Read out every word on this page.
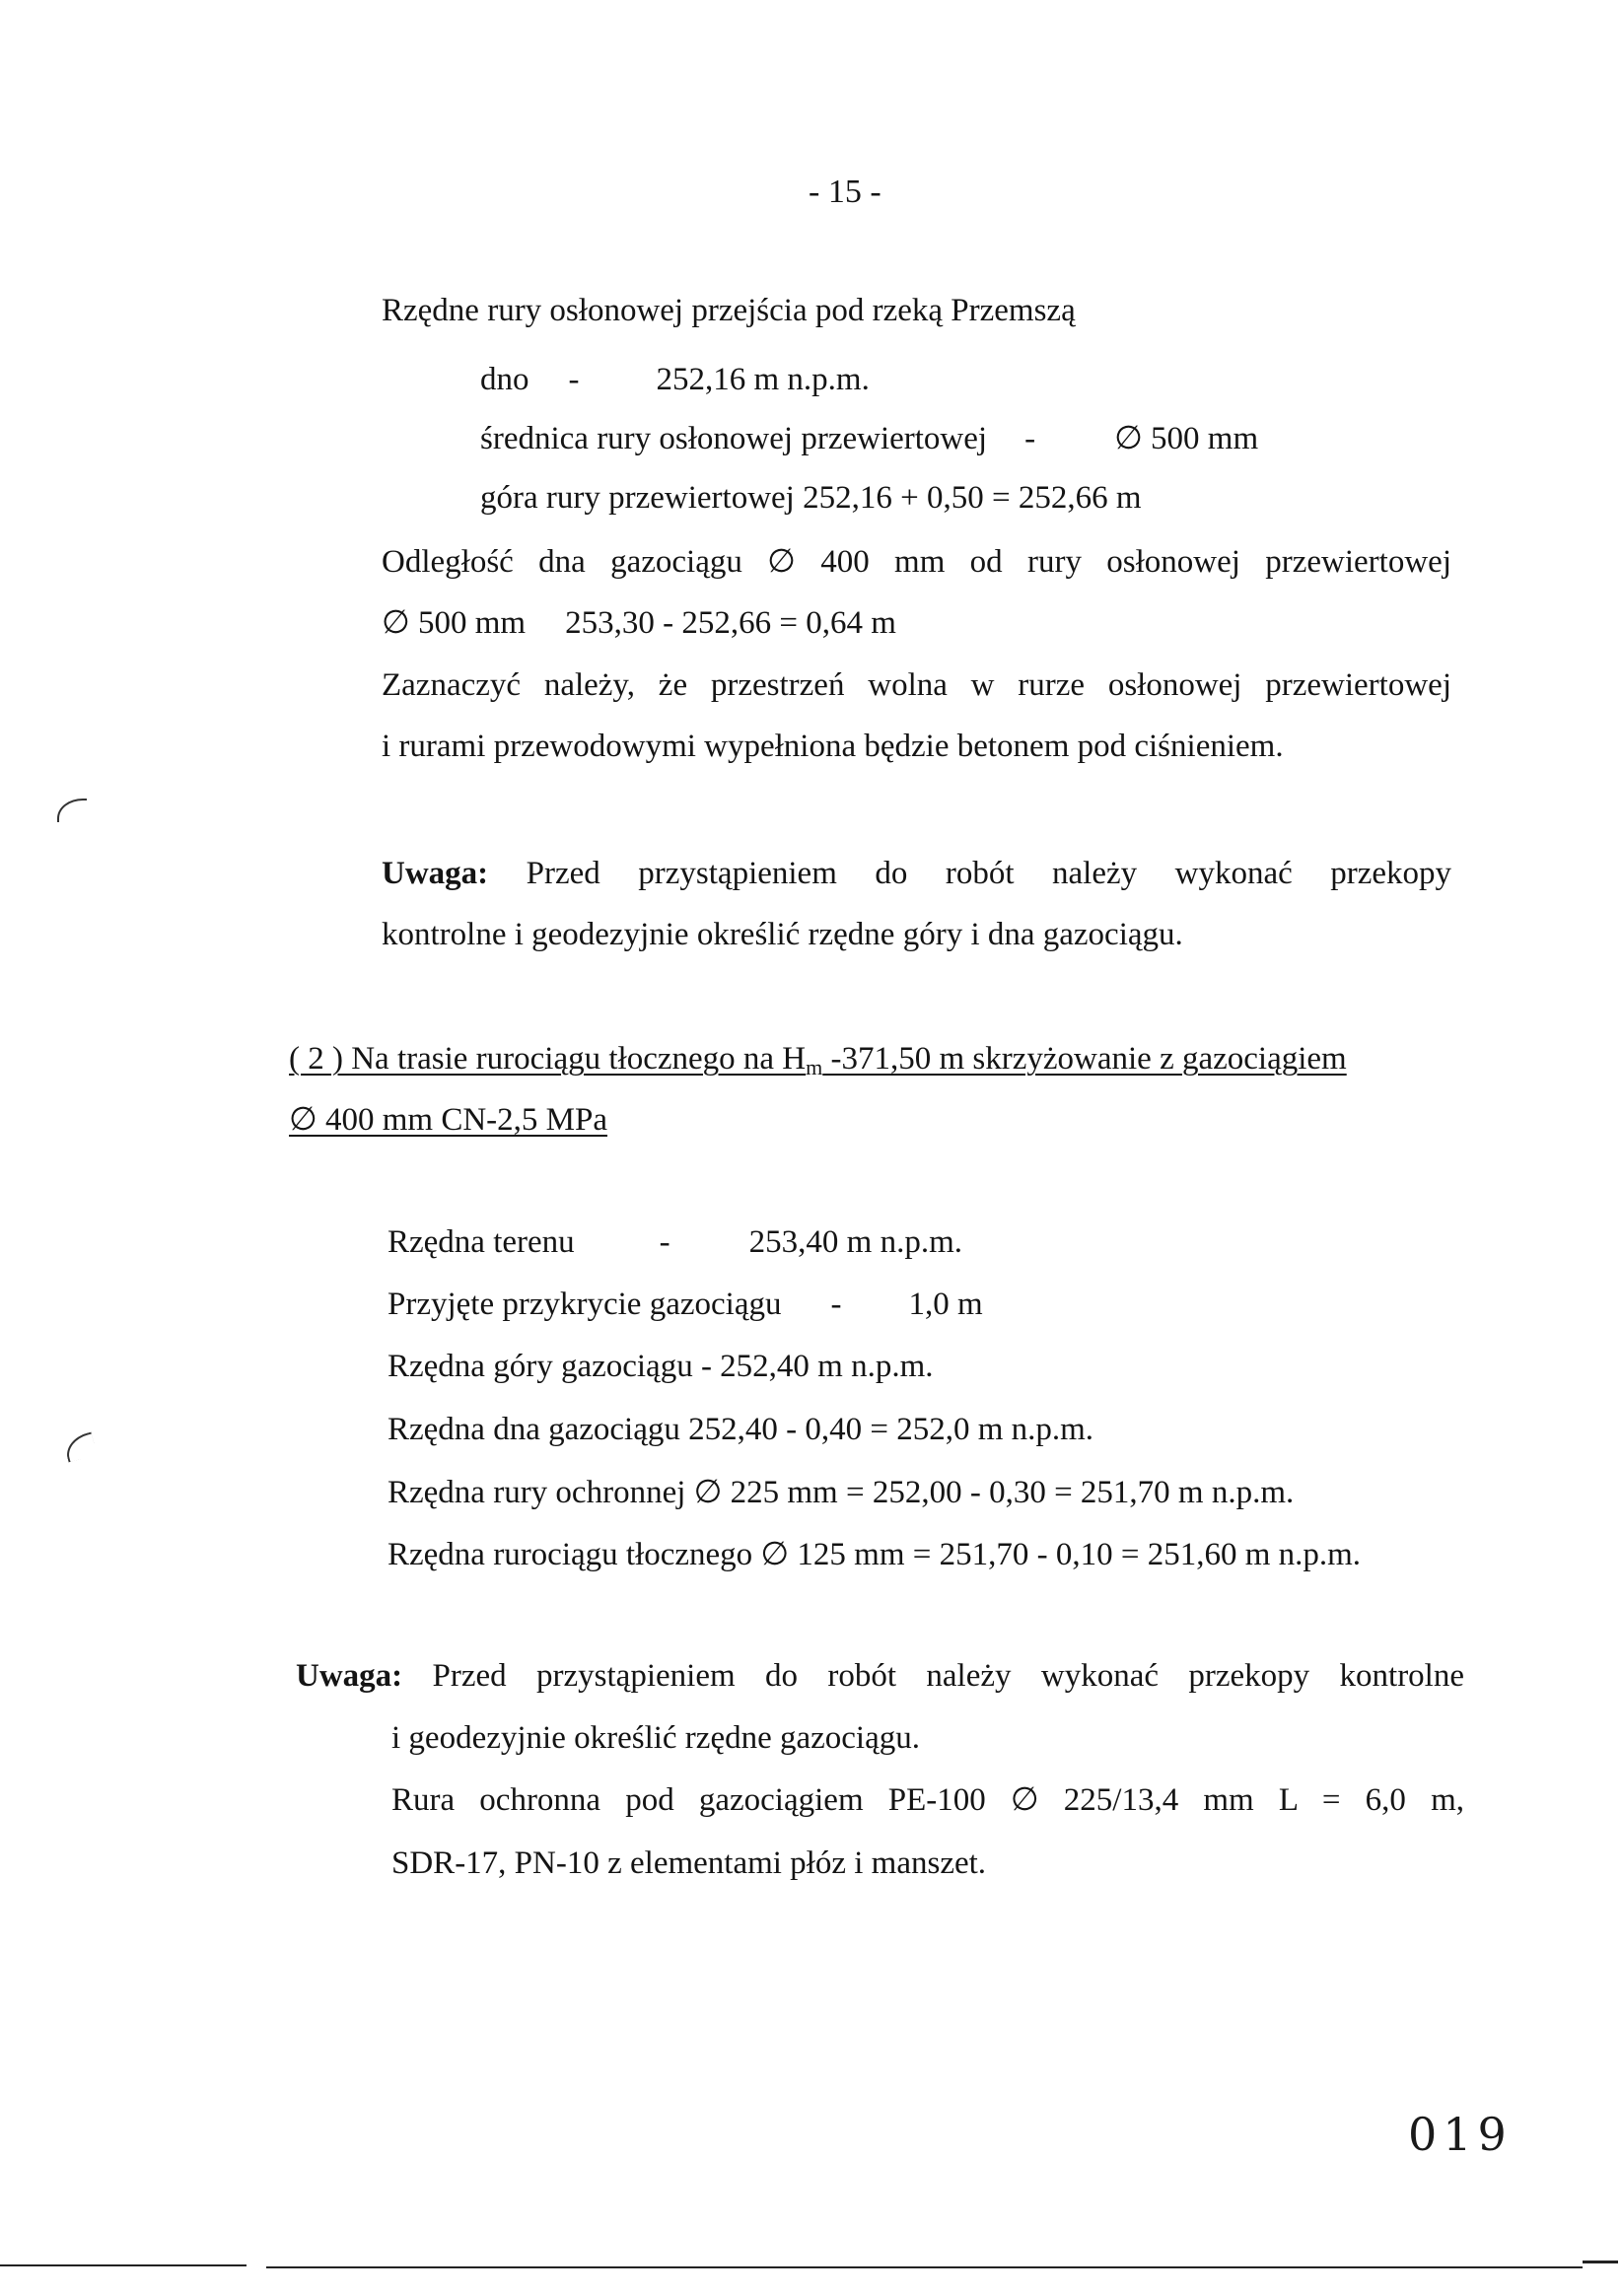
- 15 -
Rzędne rury osłonowej przejścia pod rzeką Przemszą
dno - 252,16 m n.p.m.
średnica rury osłonowej przewiertowej - ∅ 500 mm
góra rury przewiertowej 252,16 + 0,50 = 252,66 m
Odległość dna gazociągu ∅ 400 mm od rury osłonowej przewiertowej
∅ 500 mm 253,30 - 252,66 = 0,64 m
Zaznaczyć należy, że przestrzeń wolna w rurze osłonowej przewiertowej
i rurami przewodowymi wypełniona będzie betonem pod ciśnieniem.
Uwaga: Przed przystąpieniem do robót należy wykonać przekopy
kontrolne i geodezyjnie określić rzędne góry i dna gazociągu.
( 2 ) Na trasie rurociągu tłocznego na $H_m$ -371,50 m skrzyżowanie z gazociągiem
∅ 400 mm CN-2,5 MPa
Rzędna terenu	- 253,40 m n.p.m.
Przyjęte przykrycie gazociągu - 1,0 m
Rzędna góry gazociągu - 252,40 m n.p.m.
Rzędna dna gazociągu 252,40 - 0,40 = 252,0 m n.p.m.
Rzędna rury ochronnej ∅ 225 mm = 252,00 - 0,30 = 251,70 m n.p.m.
Rzędna rurociągu tłocznego ∅ 125 mm = 251,70 - 0,10 = 251,60 m n.p.m.
Uwaga: Przed przystąpieniem do robót należy wykonać przekopy kontrolne
i geodezyjnie określić rzędne gazociągu.
Rura ochronna pod gazociągiem PE-100 ∅ 225/13,4 mm L = 6,0 m,
SDR-17, PN-10 z elementami płóz i manszet.
019
